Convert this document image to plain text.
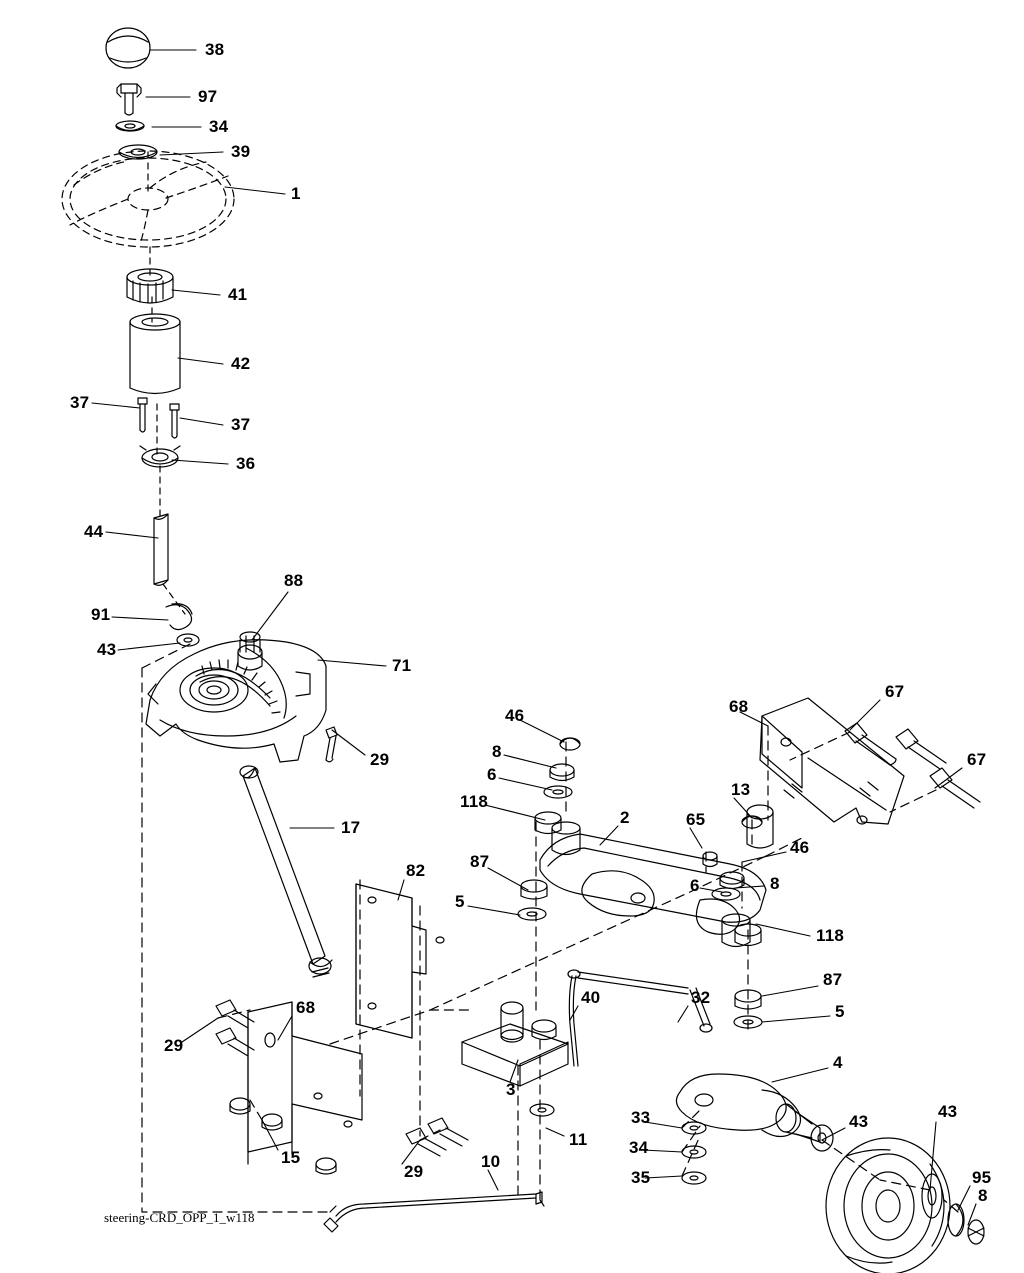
38
97
34
39
1
41
42
37
37
36
44
88
91
43
71
29
17
46
8
6
118
2	65
13
68
67
67
46
8
6
118
87
5
82
87
5
40	32
4
43
43
95
8
33
34
35
68
29
15
29
3
11
10
steering-CRD_OPP_1_w118
